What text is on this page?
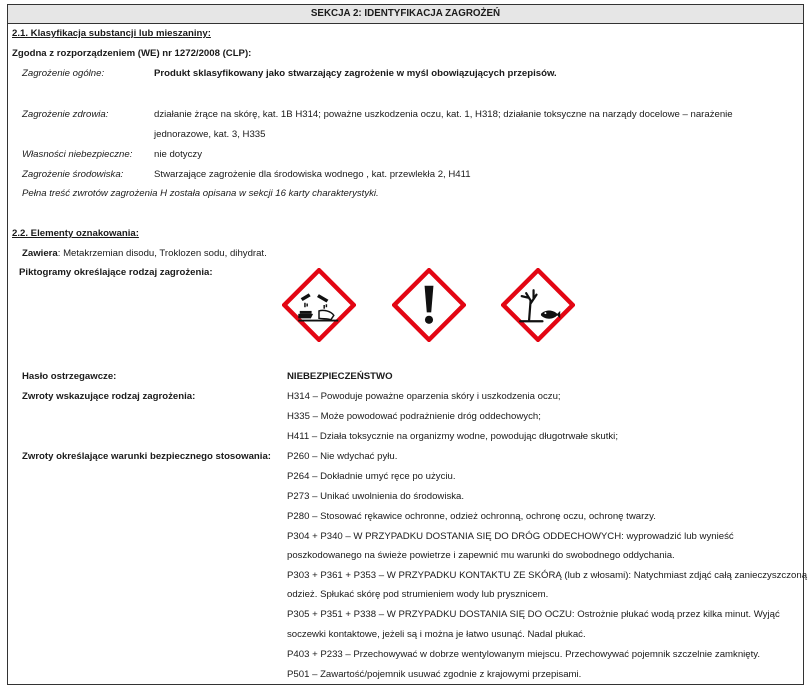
SEKCJA 2: IDENTYFIKACJA ZAGROŻEŃ
2.1. Klasyfikacja substancji lub mieszaniny:
Zgodna z rozporządzeniem (WE) nr 1272/2008 (CLP):
Zagrożenie ogólne:	Produkt sklasyfikowany jako stwarzający zagrożenie w myśl obowiązujących przepisów.
Zagrożenie zdrowia:	działanie żrące na skórę, kat. 1B H314; poważne uszkodzenia oczu, kat. 1, H318; działanie toksyczne na narządy docelowe – narażenie
jednorazowe, kat. 3, H335
Własności niebezpieczne: nie dotyczy
Zagrożenie środowiska:	Stwarzające zagrożenie dla środowiska wodnego , kat. przewlekła 2, H411
Pełna treść zwrotów zagrożenia H została opisana w sekcji 16 karty charakterystyki.
2.2. Elementy oznakowania:
Zawiera: Metakrzemian disodu, Troklozen sodu, dihydrat.
Piktogramy określające rodzaj zagrożenia:
Hasło ostrzegawcze:	NIEBEZPIECZEŃSTWO
Zwroty wskazujące rodzaj zagrożenia:	H314 – Powoduje poważne oparzenia skóry i uszkodzenia oczu;
H335 – Może powodować podrażnienie dróg oddechowych;
H411 – Działa toksycznie na organizmy wodne, powodując długotrwałe skutki;
Zwroty określające warunki bezpiecznego stosowania: P260 – Nie wdychać pyłu.
P264 – Dokładnie umyć ręce po użyciu.
P273 – Unikać uwolnienia do środowiska.
P280 – Stosować rękawice ochronne, odzież ochronną, ochronę oczu, ochronę twarzy.
P304 + P340 – W PRZYPADKU DOSTANIA SIĘ DO DRÓG ODDECHOWYCH: wyprowadzić lub wynieść
poszkodowanego na świeże powietrze i zapewnić mu warunki do swobodnego oddychania.
P303 + P361 + P353 – W PRZYPADKU KONTAKTU ZE SKÓRĄ (lub z włosami): Natychmiast zdjąć całą zanieczyszczoną
odzież. Spłukać skórę pod strumieniem wody lub prysznicem.
P305 + P351 + P338 – W PRZYPADKU DOSTANIA SIĘ DO OCZU: Ostrożnie płukać wodą przez kilka minut. Wyjąć
soczewki kontaktowe, jeżeli są i można je łatwo usunąć. Nadal płukać.
P403 + P233 – Przechowywać w dobrze wentylowanym miejscu. Przechowywać pojemnik szczelnie zamknięty.
P501 – Zawartość/pojemnik usuwać zgodnie z krajowymi przepisami.
